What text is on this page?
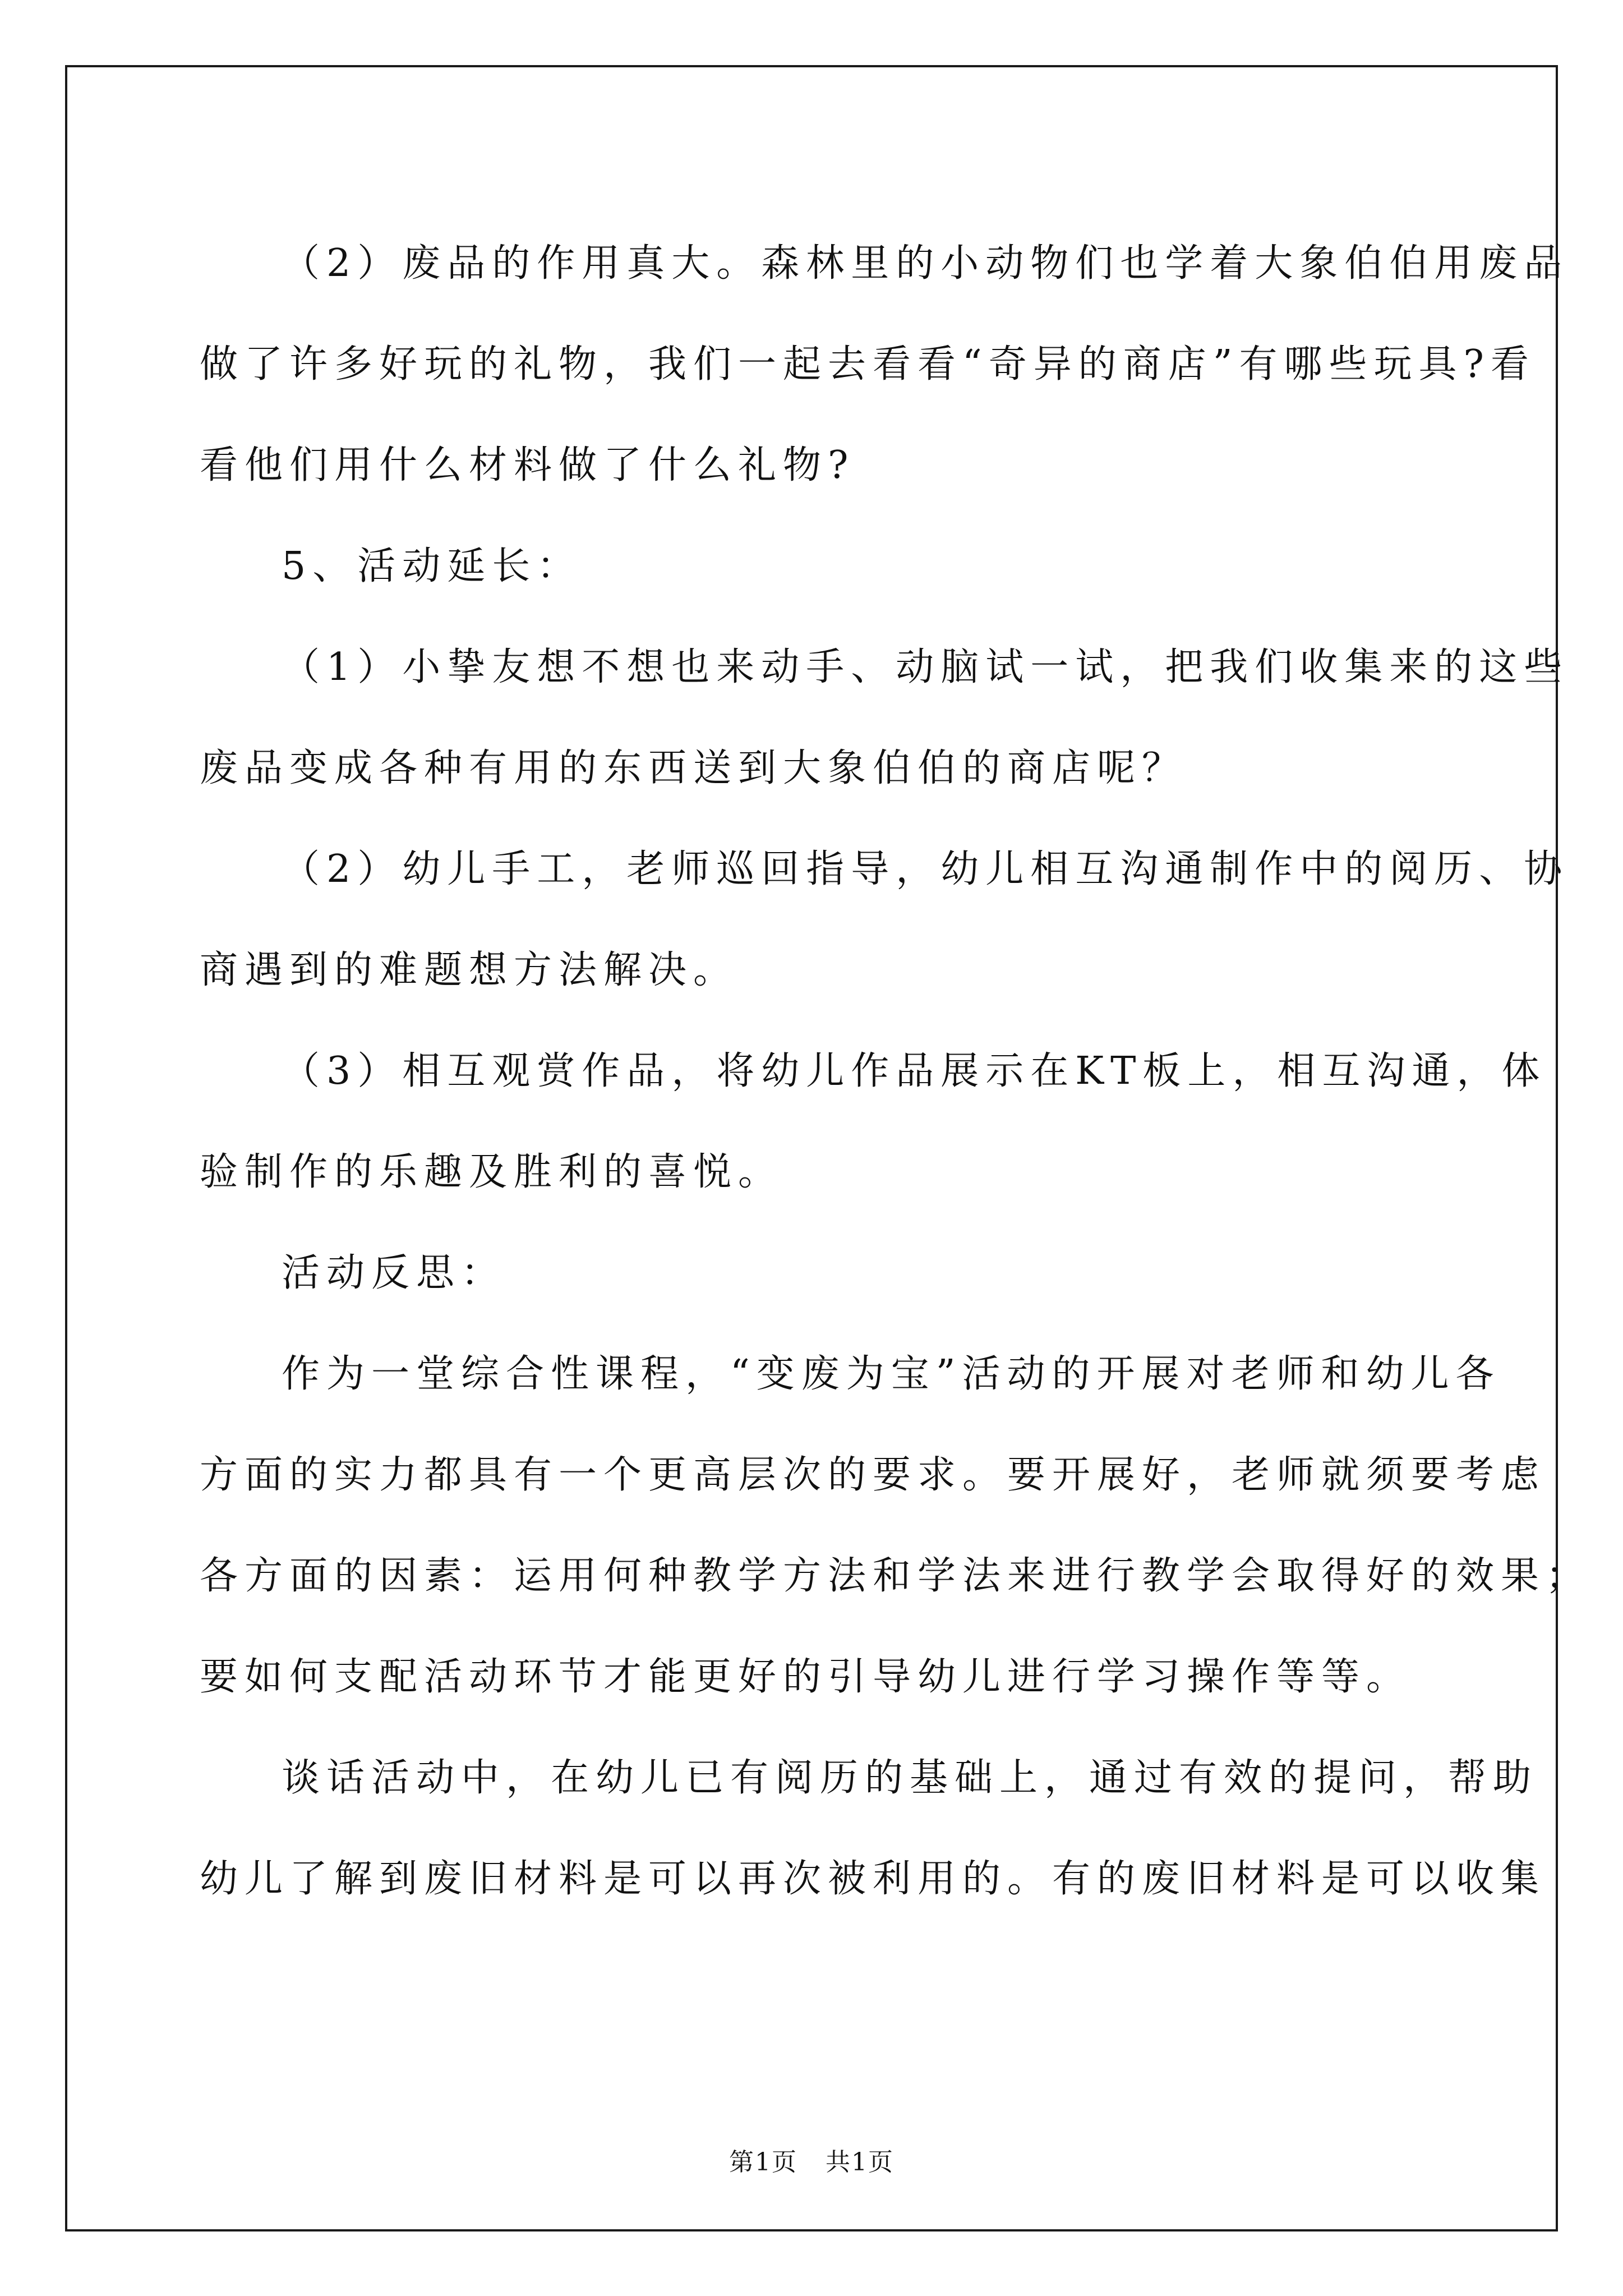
（2）废品的作用真大。森林里的小动物们也学着大象伯伯用废品
做了许多好玩的礼物，我们一起去看看“奇异的商店”有哪些玩具?看
看他们用什么材料做了什么礼物?
5、活动延长：
（1）小挚友想不想也来动手、动脑试一试，把我们收集来的这些
废品变成各种有用的东西送到大象伯伯的商店呢？
（2）幼儿手工，老师巡回指导，幼儿相互沟通制作中的阅历、协
商遇到的难题想方法解决。
（3）相互观赏作品，将幼儿作品展示在KT板上，相互沟通，体
验制作的乐趣及胜利的喜悦。
活动反思：
作为一堂综合性课程，“变废为宝”活动的开展对老师和幼儿各
方面的实力都具有一个更高层次的要求。要开展好，老师就须要考虑
各方面的因素：运用何种教学方法和学法来进行教学会取得好的效果；
要如何支配活动环节才能更好的引导幼儿进行学习操作等等。
谈话活动中，在幼儿已有阅历的基础上，通过有效的提问，帮助
幼儿了解到废旧材料是可以再次被利用的。有的废旧材料是可以收集

第1页 共1页
